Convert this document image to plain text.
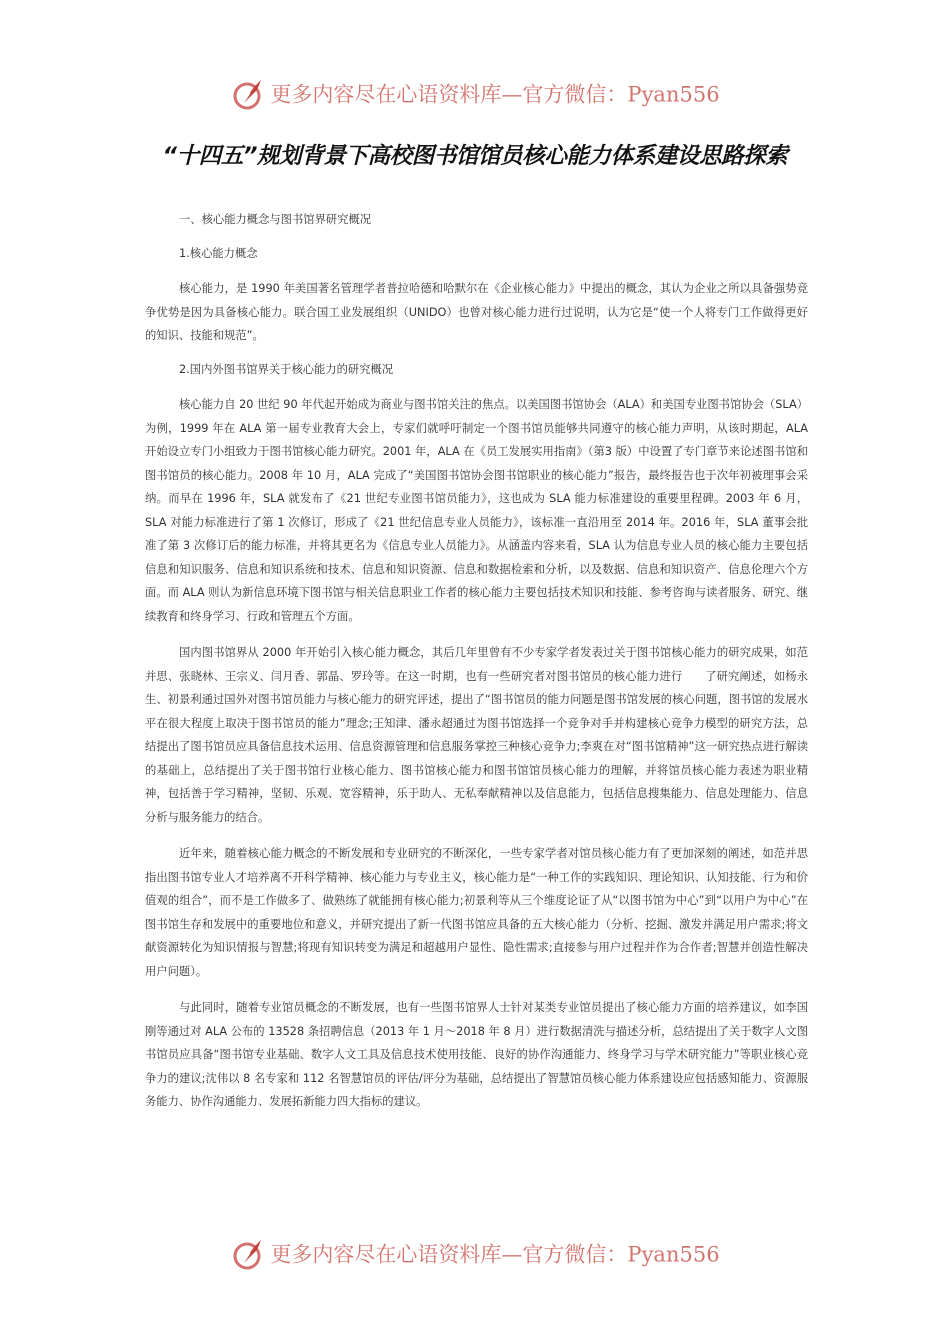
更多内容尽在心语资料库—官方微信：Pyan556
“十四五”规划背景下高校图书馆馆员核心能力体系建设思路探索

一、核心能力概念与图书馆界研究概况

1.核心能力概念

核心能力，是 1990 年美国著名管理学者普拉哈德和哈默尔在《企业核心能力》中提出的概念，其认为企业之所以具备强势竞争优势是因为具备核心能力。联合国工业发展组织（UNIDO）也曾对核心能力进行过说明，认为它是“使一个人将专门工作做得更好的知识、技能和规范”。

2.国内外图书馆界关于核心能力的研究概况

核心能力自 20 世纪 90 年代起开始成为商业与图书馆关注的焦点。以美国图书馆协会（ALA）和美国专业图书馆协会（SLA）为例，1999 年在 ALA 第一届专业教育大会上，专家们就呼吁制定一个图书馆员能够共同遵守的核心能力声明，从该时期起，ALA 开始设立专门小组致力于图书馆核心能力研究。2001 年，ALA 在《员工发展实用指南》（第3 版）中设置了专门章节来论述图书馆和图书馆员的核心能力。2008 年 10 月，ALA 完成了“美国图书馆协会图书馆职业的核心能力”报告，最终报告也于次年初被理事会采纳。而早在 1996 年，SLA 就发布了《21 世纪专业图书馆员能力》，这也成为 SLA 能力标准建设的重要里程碑。2003 年 6 月，SLA 对能力标准进行了第 1 次修订，形成了《21 世纪信息专业人员能力》，该标准一直沿用至 2014 年。2016 年，SLA 董事会批准了第 3 次修订后的能力标准，并将其更名为《信息专业人员能力》。从涵盖内容来看，SLA 认为信息专业人员的核心能力主要包括信息和知识服务、信息和知识系统和技术、信息和知识资源、信息和数据检索和分析，以及数据、信息和知识资产、信息伦理六个方面。而 ALA 则认为新信息环境下图书馆与相关信息职业工作者的核心能力主要包括技术知识和技能、参考咨询与读者服务、研究、继续教育和终身学习、行政和管理五个方面。

国内图书馆界从 2000 年开始引入核心能力概念，其后几年里曾有不少专家学者发表过关于图书馆核心能力的研究成果，如范并思、张晓林、王宗义、闫月香、郭晶、罗玲等。在这一时期，也有一些研究者对图书馆员的核心能力进行　　了研究阐述，如杨永生、初景利通过国外对图书馆员能力与核心能力的研究评述，提出了“图书馆员的能力问题是图书馆发展的核心问题，图书馆的发展水平在很大程度上取决于图书馆员的能力”理念;王知津、潘永超通过为图书馆选择一个竞争对手并构建核心竞争力模型的研究方法，总结提出了图书馆员应具备信息技术运用、信息资源管理和信息服务掌控三种核心竞争力;李爽在对“图书馆精神”这一研究热点进行解读的基础上，总结提出了关于图书馆行业核心能力、图书馆核心能力和图书馆馆员核心能力的理解，并将馆员核心能力表述为职业精神，包括善于学习精神，坚韧、乐观、宽容精神，乐于助人、无私奉献精神以及信息能力，包括信息搜集能力、信息处理能力、信息分析与服务能力的结合。

近年来，随着核心能力概念的不断发展和专业研究的不断深化，一些专家学者对馆员核心能力有了更加深刻的阐述，如范并思指出图书馆专业人才培养离不开科学精神、核心能力与专业主义，核心能力是“一种工作的实践知识、理论知识、认知技能、行为和价值观的组合”，而不是工作做多了、做熟练了就能拥有核心能力;初景利等从三个维度论证了从“以图书馆为中心”到“以用户为中心”在图书馆生存和发展中的重要地位和意义，并研究提出了新一代图书馆应具备的五大核心能力（分析、挖掘、激发并满足用户需求;将文献资源转化为知识情报与智慧;将现有知识转变为满足和超越用户显性、隐性需求;直接参与用户过程并作为合作者;智慧并创造性解决用户问题）。

与此同时，随着专业馆员概念的不断发展，也有一些图书馆界人士针对某类专业馆员提出了核心能力方面的培养建议，如李国刚等通过对 ALA 公布的 13528 条招聘信息（2013 年 1 月～2018 年 8 月）进行数据清洗与描述分析，总结提出了关于数字人文图书馆员应具备“图书馆专业基础、数字人文工具及信息技术使用技能、良好的协作沟通能力、终身学习与学术研究能力”等职业核心竞争力的建议;沈伟以 8 名专家和 112 名智慧馆员的评估/评分为基础，总结提出了智慧馆员核心能力体系建设应包括感知能力、资源服务能力、协作沟通能力、发展拓新能力四大指标的建议。

更多内容尽在心语资料库—官方微信：Pyan556
